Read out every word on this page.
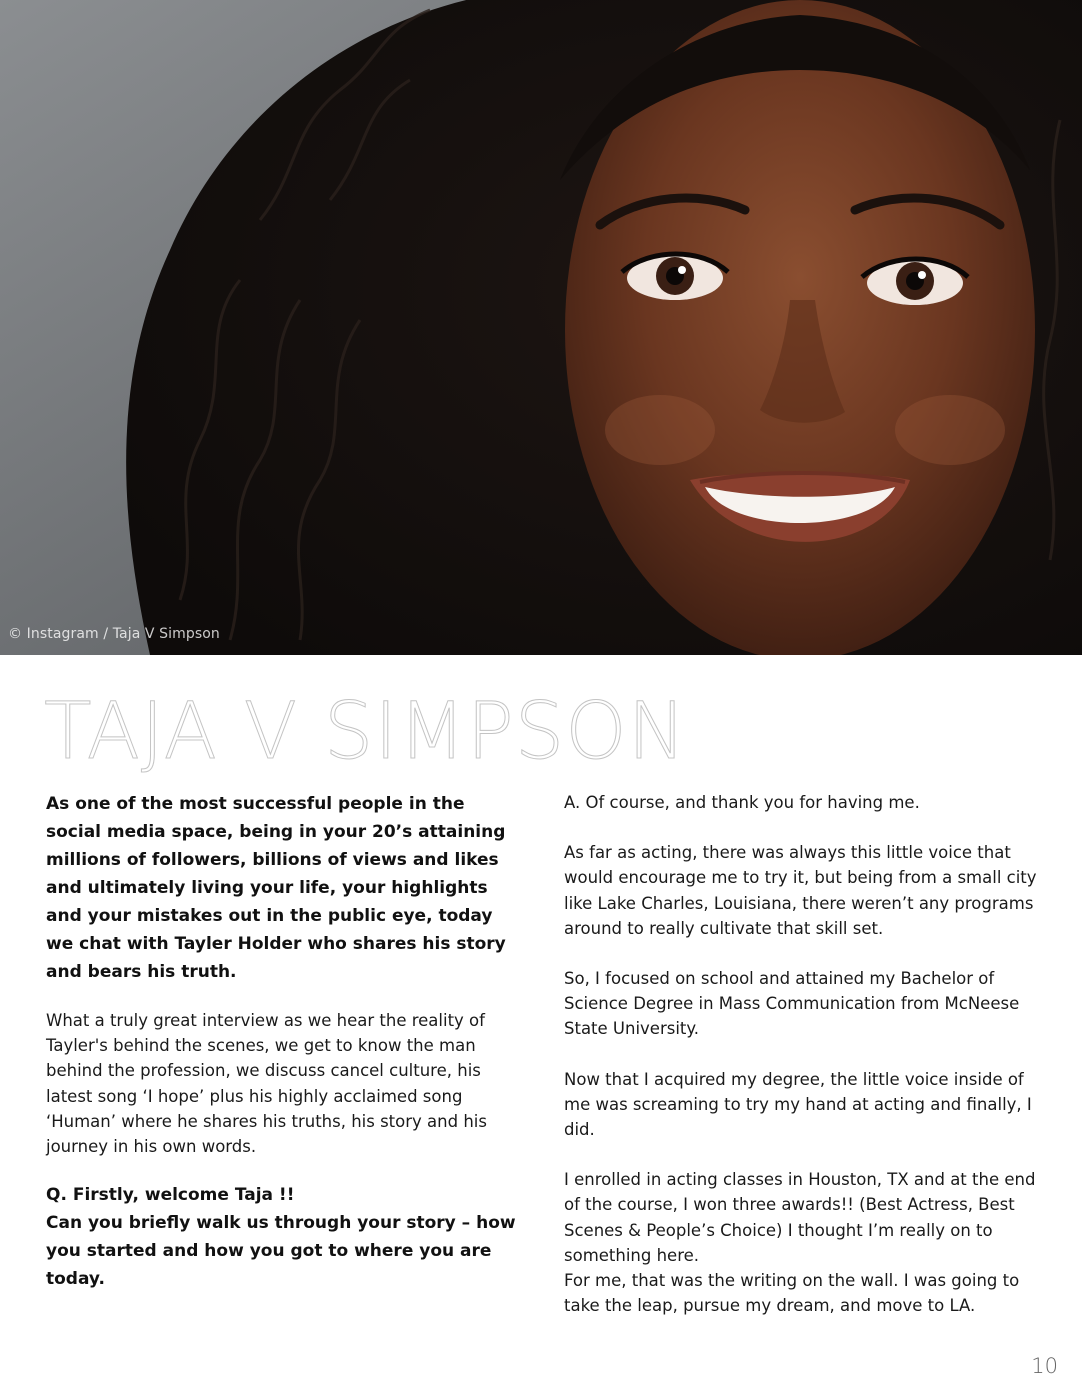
© Instagram / Taja V Simpson
TAJA V SIMPSON

As one of the most successful people in the social media space, being in your 20’s attaining millions of followers, billions of views and likes and ultimately living your life, your highlights and your mistakes out in the public eye, today we chat with Tayler Holder who shares his story and bears his truth.

What a truly great interview as we hear the reality of Tayler's behind the scenes, we get to know the man behind the profession, we discuss cancel culture, his latest song ‘I hope’ plus his highly acclaimed song ‘Human’ where he shares his truths, his story and his journey in his own words.

Q. Firstly, welcome Taja !!
Can you briefly walk us through your story – how you started and how you got to where you are today.

A. Of course, and thank you for having me.

As far as acting, there was always this little voice that would encourage me to try it, but being from a small city like Lake Charles, Louisiana, there weren’t any programs around to really cultivate that skill set.

So, I focused on school and attained my Bachelor of Science Degree in Mass Communication from McNeese State University.

Now that I acquired my degree, the little voice inside of me was screaming to try my hand at acting and finally, I did.

I enrolled in acting classes in Houston, TX and at the end of the course, I won three awards!! (Best Actress, Best Scenes & People’s Choice) I thought I’m really on to something here.

For me, that was the writing on the wall. I was going to take the leap, pursue my dream, and move to LA.

10
